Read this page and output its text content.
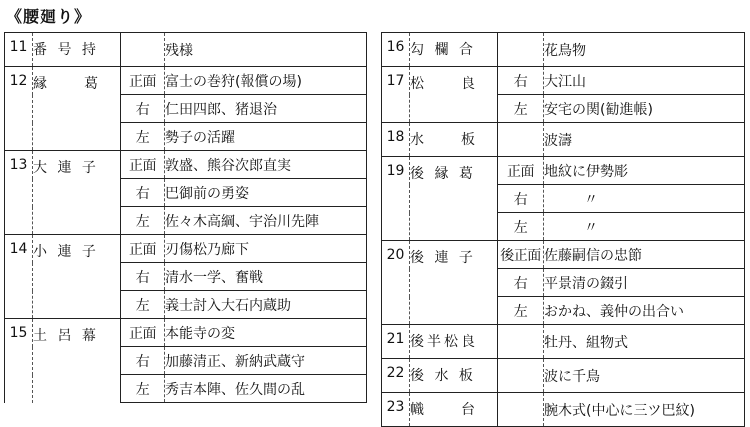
《腰廻り》
11	番 号 持		残様
12	縁　　葛	正面	富士の巻狩(報償の場)
		右	仁田四郎、猪退治
		左	勢子の活躍
13	大 連 子	正面	敦盛、熊谷次郎直実
		右	巴御前の勇姿
		左	佐々木高綱、宇治川先陣
14	小 連 子	正面	刃傷松乃廊下
		右	清水一学、奮戦
		左	義士討入大石内蔵助
15	土 呂 幕	正面	本能寺の変
		右	加藤清正、新納武蔵守
		左	秀吉本陣、佐久間の乱
16	勾 欄 合		花鳥物
17	松　　良	右	大江山
		左	安宅の関(勧進帳)
18	水　　板		波濤
19	後 縁 葛	正面	地紋に伊勢彫
		右	〃
		左	〃
20	後 連 子	後正面	佐藤嗣信の忠節
		右	平景清の錣引
		左	おかね、義仲の出合い
21	後半松良		牡丹、組物式
22	後 水 板		波に千鳥
23	幟　　台		腕木式(中心に三ツ巴紋)
